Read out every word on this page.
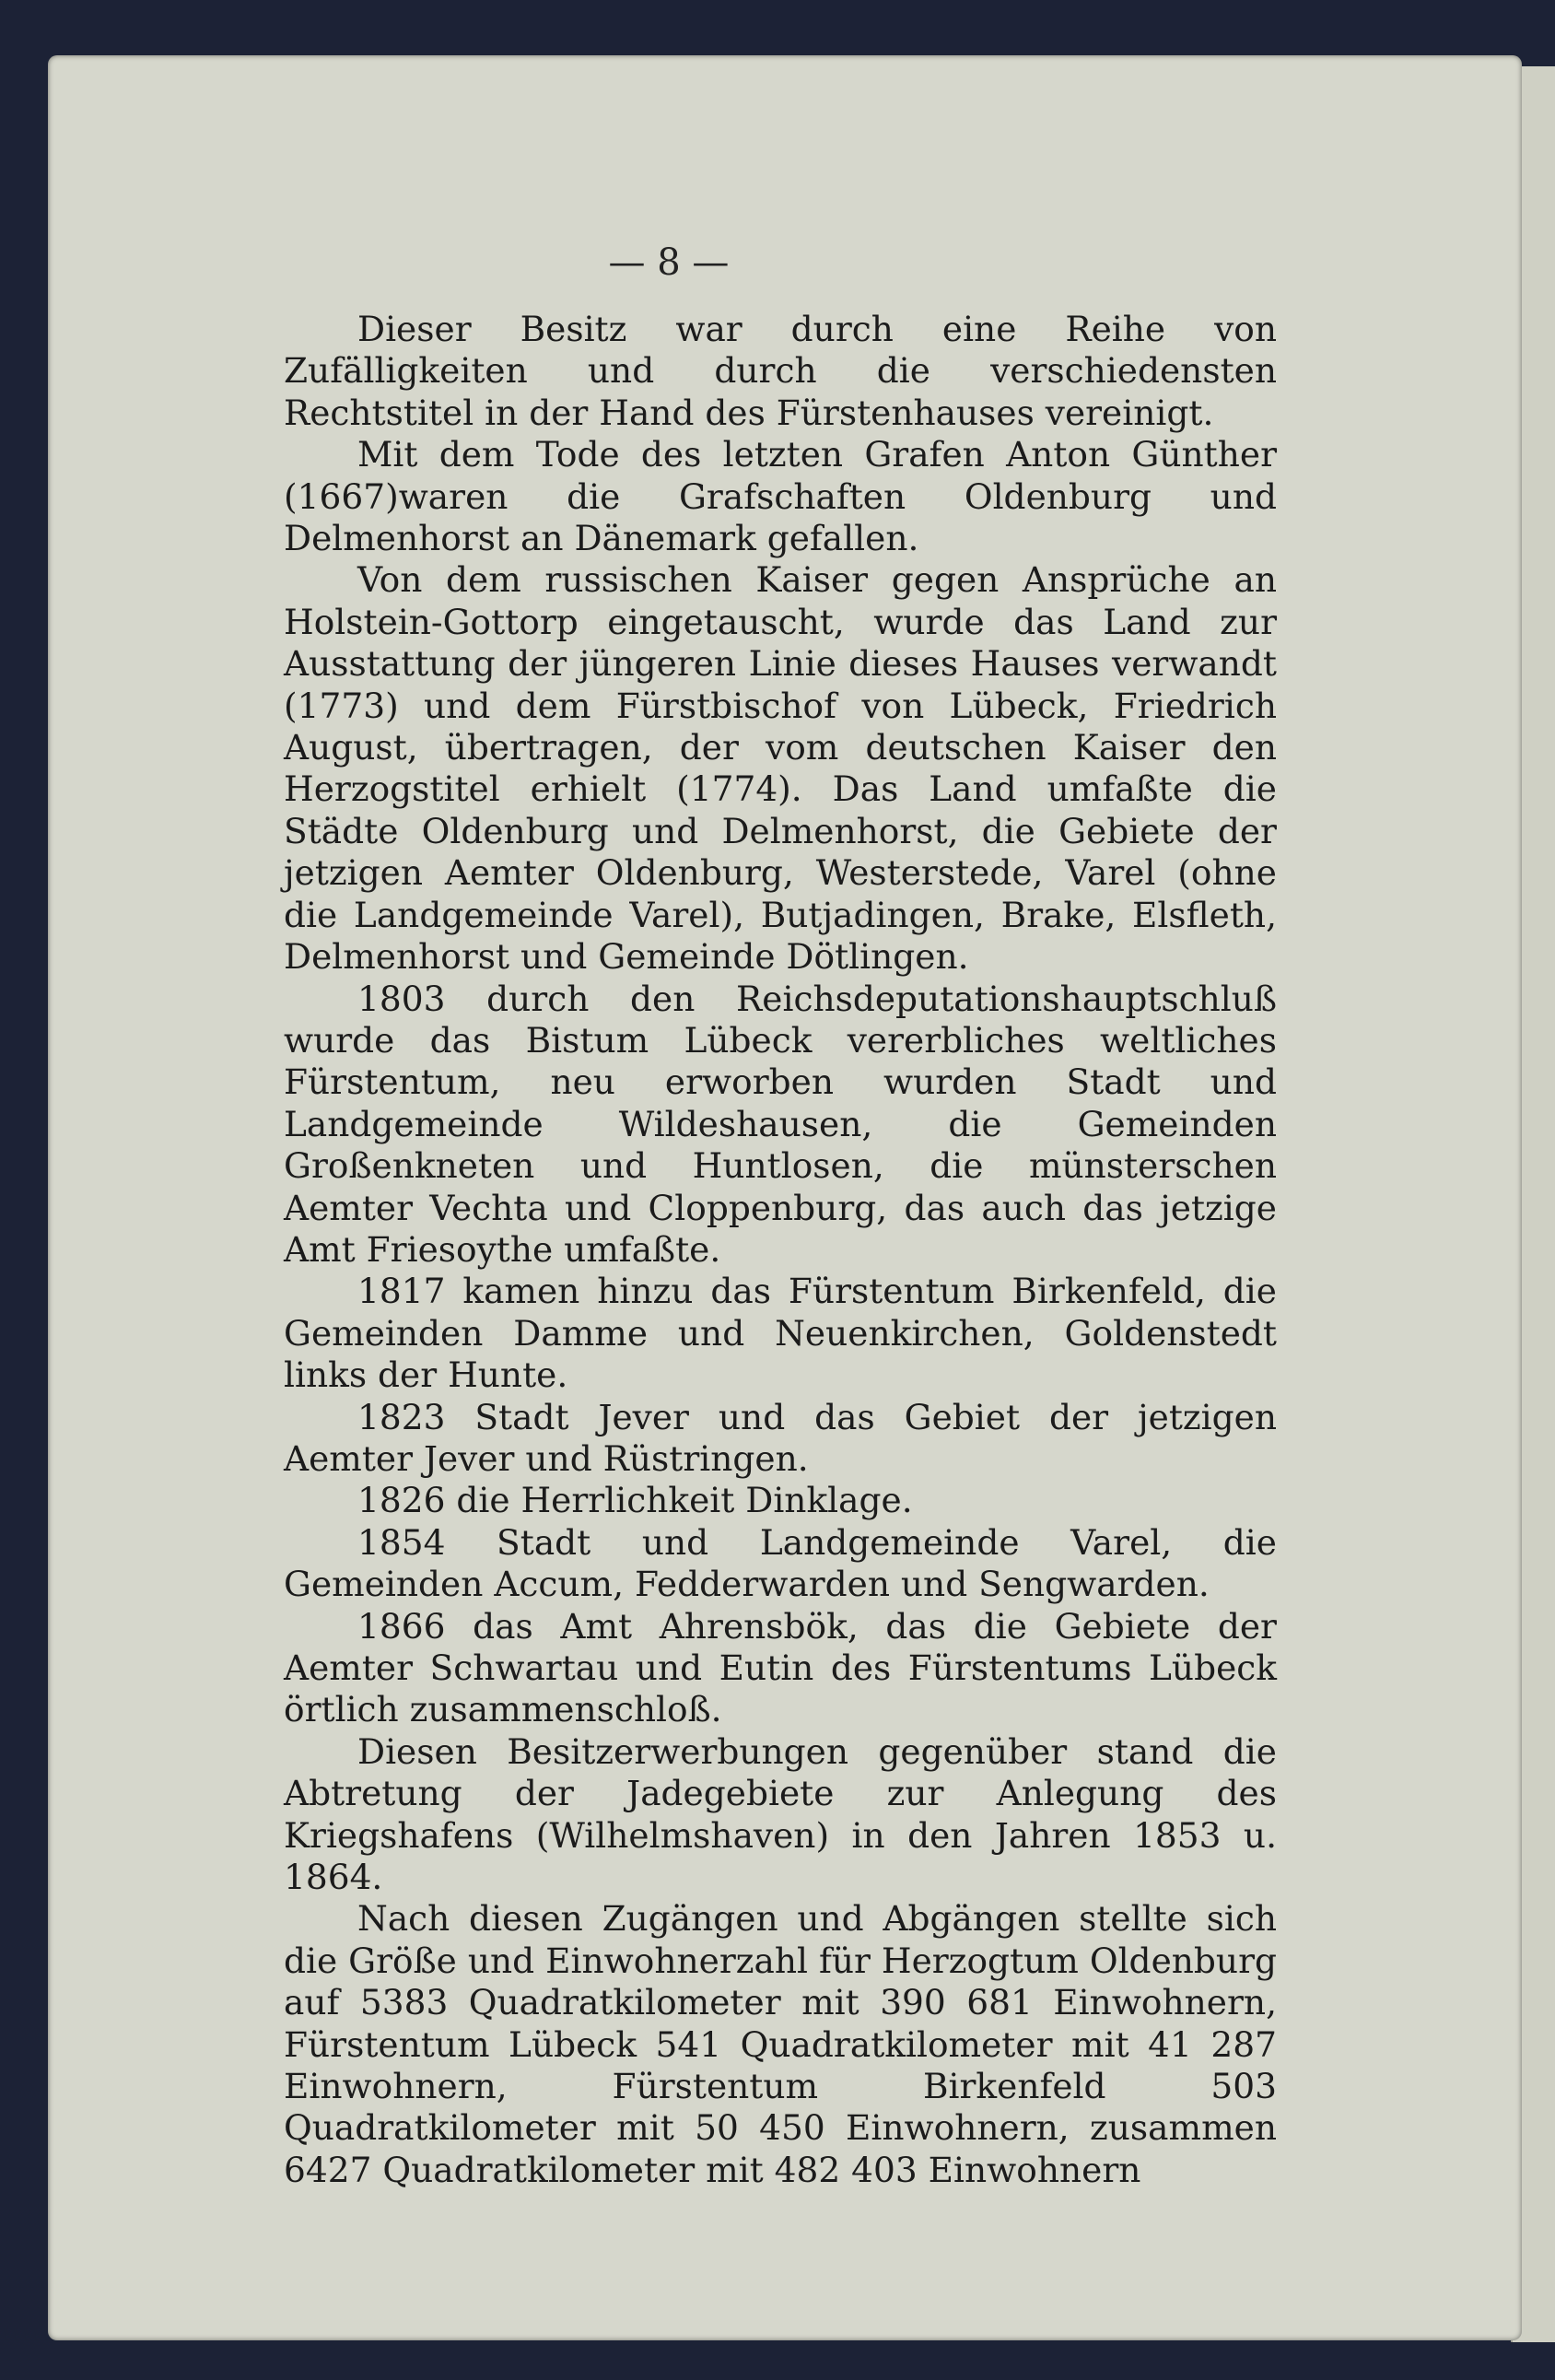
— 8 —

Dieser Besitz war durch eine Reihe von Zufälligkeiten und durch die verschiedensten Rechtstitel in der Hand des Fürstenhauses vereinigt.

Mit dem Tode des letzten Grafen Anton Günther (1667)waren die Grafschaften Oldenburg und Delmenhorst an Dänemark gefallen.

Von dem russischen Kaiser gegen Ansprüche an Holstein-Gottorp eingetauscht, wurde das Land zur Ausstattung der jüngeren Linie dieses Hauses verwandt (1773) und dem Fürstbischof von Lübeck, Friedrich August, übertragen, der vom deutschen Kaiser den Herzogstitel erhielt (1774). Das Land umfaßte die Städte Oldenburg und Delmenhorst, die Gebiete der jetzigen Aemter Oldenburg, Westerstede, Varel (ohne die Landgemeinde Varel), Butjadingen, Brake, Elsfleth, Delmenhorst und Gemeinde Dötlingen.

1803 durch den Reichsdeputationshauptschluß wurde das Bistum Lübeck vererbliches weltliches Fürstentum, neu erworben wurden Stadt und Landgemeinde Wildeshausen, die Gemeinden Großenkneten und Huntlosen, die münsterschen Aemter Vechta und Cloppenburg, das auch das jetzige Amt Friesoythe umfaßte.

1817 kamen hinzu das Fürstentum Birkenfeld, die Gemeinden Damme und Neuenkirchen, Goldenstedt links der Hunte.

1823 Stadt Jever und das Gebiet der jetzigen Aemter Jever und Rüstringen.

1826 die Herrlichkeit Dinklage.

1854 Stadt und Landgemeinde Varel, die Gemeinden Accum, Fedderwarden und Sengwarden.

1866 das Amt Ahrensbök, das die Gebiete der Aemter Schwartau und Eutin des Fürstentums Lübeck örtlich zusammenschloß.

Diesen Besitzerwerbungen gegenüber stand die Abtretung der Jadegebiete zur Anlegung des Kriegshafens (Wilhelmshaven) in den Jahren 1853 u. 1864.

Nach diesen Zugängen und Abgängen stellte sich die Größe und Einwohnerzahl für Herzogtum Oldenburg auf 5383 Quadratkilometer mit 390 681 Einwohnern, Fürstentum Lübeck 541 Quadratkilometer mit 41 287 Einwohnern, Fürstentum Birkenfeld 503 Quadratkilometer mit 50 450 Einwohnern, zusammen 6427 Quadratkilometer mit 482 403 Einwohnern
